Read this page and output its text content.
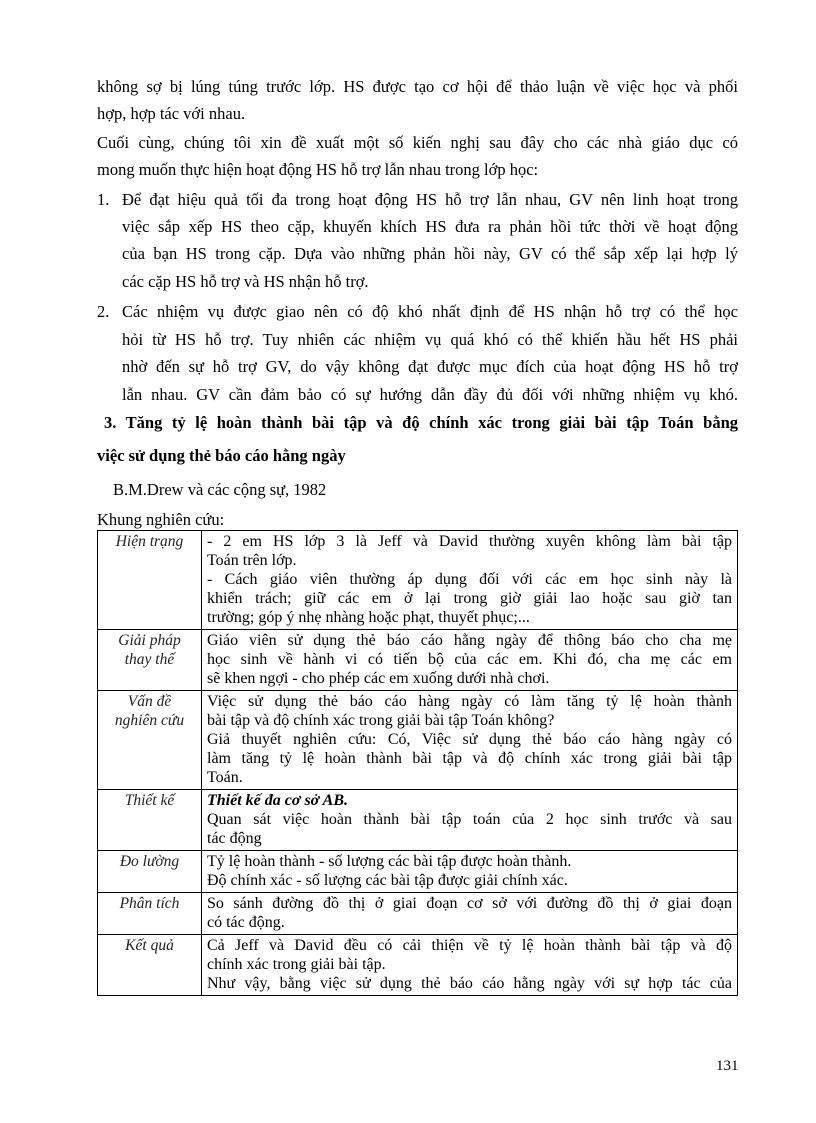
không sợ bị lúng túng trước lớp. HS được tạo cơ hội để thảo luận về việc học và phối
hợp, hợp tác với nhau.
Cuối cùng, chúng tôi xin đề xuất một số kiến nghị sau đây cho các nhà giáo dục có
mong muốn thực hiện hoạt động HS hỗ trợ lẫn nhau trong lớp học:
1. Để đạt hiệu quả tối đa trong hoạt động HS hỗ trợ lẫn nhau, GV nên linh hoạt trong
việc sắp xếp HS theo cặp, khuyến khích HS đưa ra phản hồi tức thời về hoạt động
của bạn HS trong cặp. Dựa vào những phản hồi này, GV có thể sắp xếp lại hợp lý
các cặp HS hỗ trợ và HS nhận hỗ trợ.
2. Các nhiệm vụ được giao nên có độ khó nhất định để HS nhận hỗ trợ có thể học
hỏi từ HS hỗ trợ. Tuy nhiên các nhiệm vụ quá khó có thể khiến hầu hết HS phải
nhờ đến sự hỗ trợ GV, do vậy không đạt được mục đích của hoạt động HS hỗ trợ
lẫn nhau. GV cần đảm bảo có sự hướng dẫn đầy đủ đối với những nhiệm vụ khó.
3. Tăng tỷ lệ hoàn thành bài tập và độ chính xác trong giải bài tập Toán bằng
việc sử dụng thẻ báo cáo hằng ngày
B.M.Drew và các cộng sự, 1982
Khung nghiên cứu:
Hiện trạng	- 2 em HS lớp 3 là Jeff và David thường xuyên không làm bài tập
Toán trên lớp.
- Cách giáo viên thường áp dụng đối với các em học sinh này là
khiển trách; giữ các em ở lại trong giờ giải lao hoặc sau giờ tan
trường; góp ý nhẹ nhàng hoặc phạt, thuyết phục;...

Giải pháp
thay thế	Giáo viên sử dụng thẻ báo cáo hằng ngày để thông báo cho cha mẹ
học sinh về hành vi có tiến bộ của các em. Khi đó, cha mẹ các em
sẽ khen ngợi - cho phép các em xuống dưới nhà chơi.

Vấn đề
nghiên cứu	Việc sử dụng thẻ báo cáo hàng ngày có làm tăng tỷ lệ hoàn thành
bài tập và độ chính xác trong giải bài tập Toán không?
Giả thuyết nghiên cứu: Có, Việc sử dụng thẻ báo cáo hàng ngày có
làm tăng tỷ lệ hoàn thành bài tập và độ chính xác trong giải bài tập
Toán.

Thiết kế	Thiết kế đa cơ sở AB.
Quan sát việc hoàn thành bài tập toán của 2 học sinh trước và sau
tác động

Đo lường	Tỷ lệ hoàn thành - số lượng các bài tập được hoàn thành.
Độ chính xác - số lượng các bài tập được giải chính xác.

Phân tích	So sánh đường đồ thị ở giai đoạn cơ sở với đường đồ thị ở giai đoạn
có tác động.

Kết quả	Cả Jeff và David đều có cải thiện về tỷ lệ hoàn thành bài tập và độ
chính xác trong giải bài tập.
Như vậy, bằng việc sử dụng thẻ báo cáo hằng ngày với sự hợp tác của
131
